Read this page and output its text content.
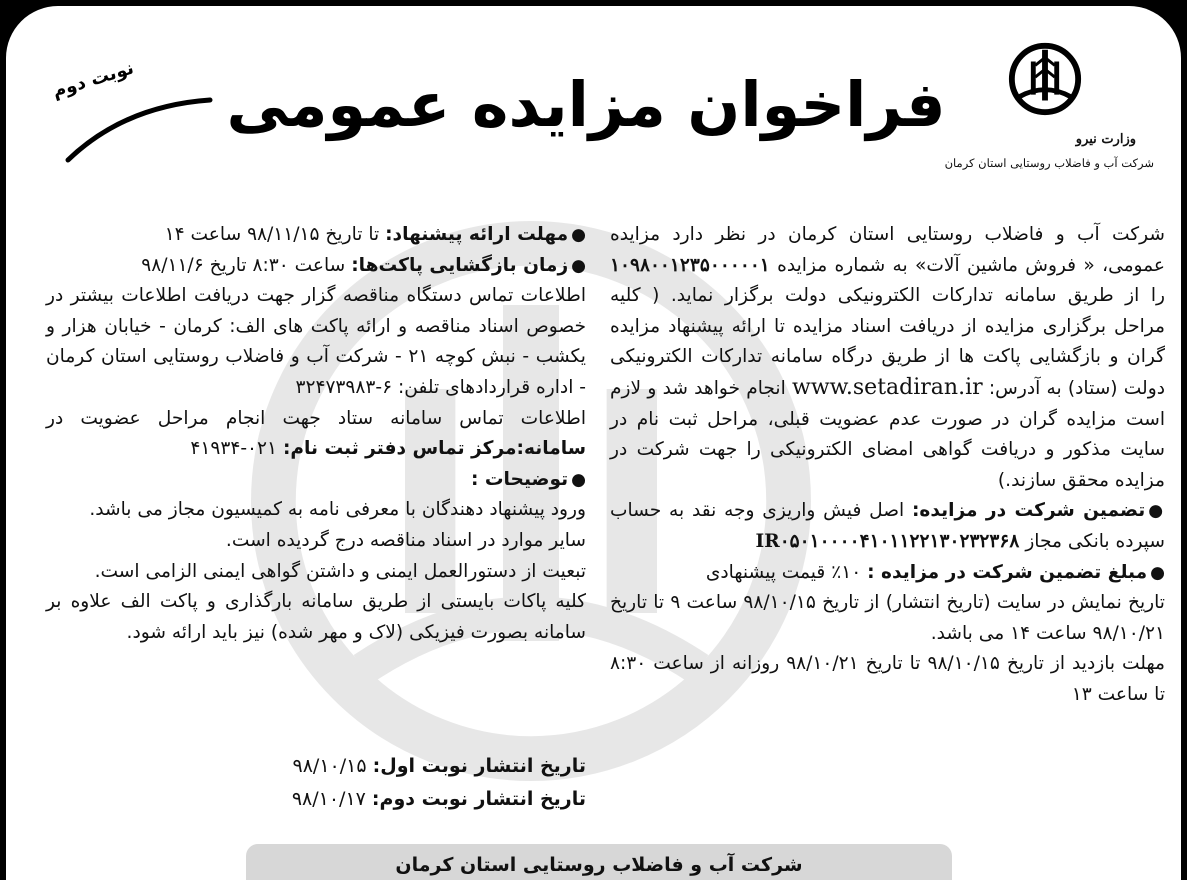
وزارت نیرو
شرکت آب و فاضلاب روستایی استان کرمان
فراخوان مزایده عمومی
نوبت دوم

شرکت آب و فاضلاب روستایی استان کرمان در نظر دارد مزایده عمومی، « فروش ماشین آلات» به شماره مزایده ۱۰۹۸۰۰۱۲۳۵۰۰۰۰۰۱ را از طریق سامانه تدارکات الکترونیکی دولت برگزار نماید. ( کلیه مراحل برگزاری مزایده از دریافت اسناد مزایده تا ارائه پیشنهاد مزایده گران و بازگشایی پاکت ها از طریق درگاه سامانه تدارکات الکترونیکی دولت (ستاد) به آدرس: www.setadiran.ir انجام خواهد شد و لازم است مزایده گران در صورت عدم عضویت قبلی، مراحل ثبت نام در سایت مذکور و دریافت گواهی امضای الکترونیکی را جهت شرکت در مزایده محقق سازند.)

●تضمین شرکت در مزایده: اصل فیش واریزی وجه نقد به حساب سپرده بانکی مجاز IR۰۵۰۱۰۰۰۰۴۱۰۱۱۲۲۱۳۰۲۳۲۳۶۸

●مبلغ تضمین شرکت در مزایده : ۱۰٪ قیمت پیشنهادی

تاریخ نمایش در سایت (تاریخ انتشار) از تاریخ ۹۸/۱۰/۱۵ ساعت ۹ تا تاریخ ۹۸/۱۰/۲۱ ساعت ۱۴ می باشد.

مهلت بازدید از تاریخ ۹۸/۱۰/۱۵ تا تاریخ ۹۸/۱۰/۲۱ روزانه از ساعت ۸:۳۰ تا ساعت ۱۳

●مهلت ارائه پیشنهاد: تا تاریخ ۹۸/۱۱/۱۵ ساعت ۱۴

●زمان بازگشایی پاکت‌ها: ساعت ۸:۳۰ تاریخ ۹۸/۱۱/۶

اطلاعات تماس دستگاه مناقصه گزار جهت دریافت اطلاعات بیشتر در خصوص اسناد مناقصه و ارائه پاکت های الف: کرمان - خیابان هزار و یکشب - نبش کوچه ۲۱ - شرکت آب و فاضلاب روستایی استان کرمان - اداره قراردادهای تلفن: ۶-۳۲۴۷۳۹۸۳

اطلاعات تماس سامانه ستاد جهت انجام مراحل عضویت در سامانه:مرکز تماس دفتر ثبت نام: ۰۲۱-۴۱۹۳۴

●توضیحات :

ورود پیشنهاد دهندگان با معرفی نامه به کمیسیون مجاز می باشد.

سایر موارد در اسناد مناقصه درج گردیده است.

تبعیت از دستورالعمل ایمنی و داشتن گواهی ایمنی الزامی است.

کلیه پاکات بایستی از طریق سامانه بارگذاری و پاکت الف علاوه بر سامانه بصورت فیزیکی (لاک و مهر شده) نیز باید ارائه شود.

تاریخ انتشار نوبت اول: ۹۸/۱۰/۱۵
تاریخ انتشار نوبت دوم: ۹۸/۱۰/۱۷
شرکت آب و فاضلاب روستایی استان کرمان
